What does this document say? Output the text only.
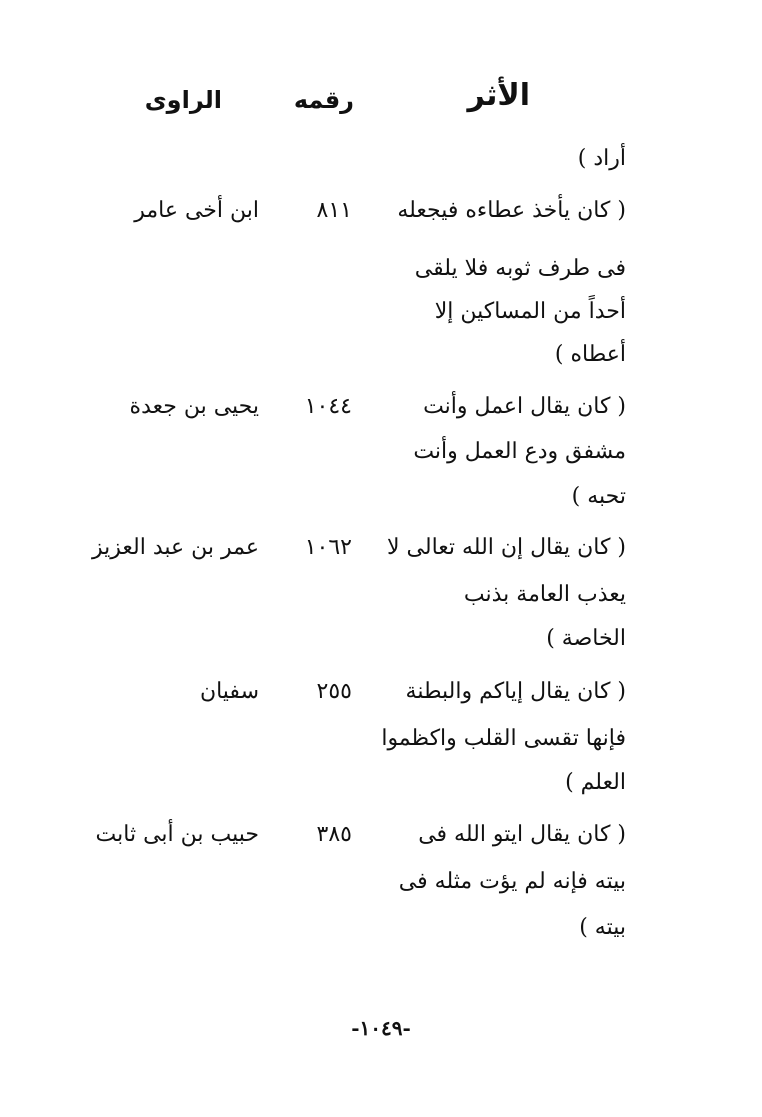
الأثر
رقمه
الراوى
أراد )
( كان يأخذ عطاءه فيجعله
٨١١
ابن أخى عامر
فى طرف ثوبه فلا يلقى
أحداً من المساكين إلا
أعطاه )
( كان يقال اعمل وأنت
١٠٤٤
يحيى بن جعدة
مشفق ودع العمل وأنت
تحبه )
( كان يقال إن الله تعالى لا
١٠٦٢
عمر بن عبد العزيز
يعذب العامة بذنب
الخاصة )
( كان يقال إياكم والبطنة
٢٥٥
سفيان
فإنها تقسى القلب واكظموا
العلم )
( كان يقال ايتو الله فى
٣٨٥
حبيب بن أبى ثابت
بيته فإنه لم يؤت مثله فى
بيته )
-١٠٤٩-
